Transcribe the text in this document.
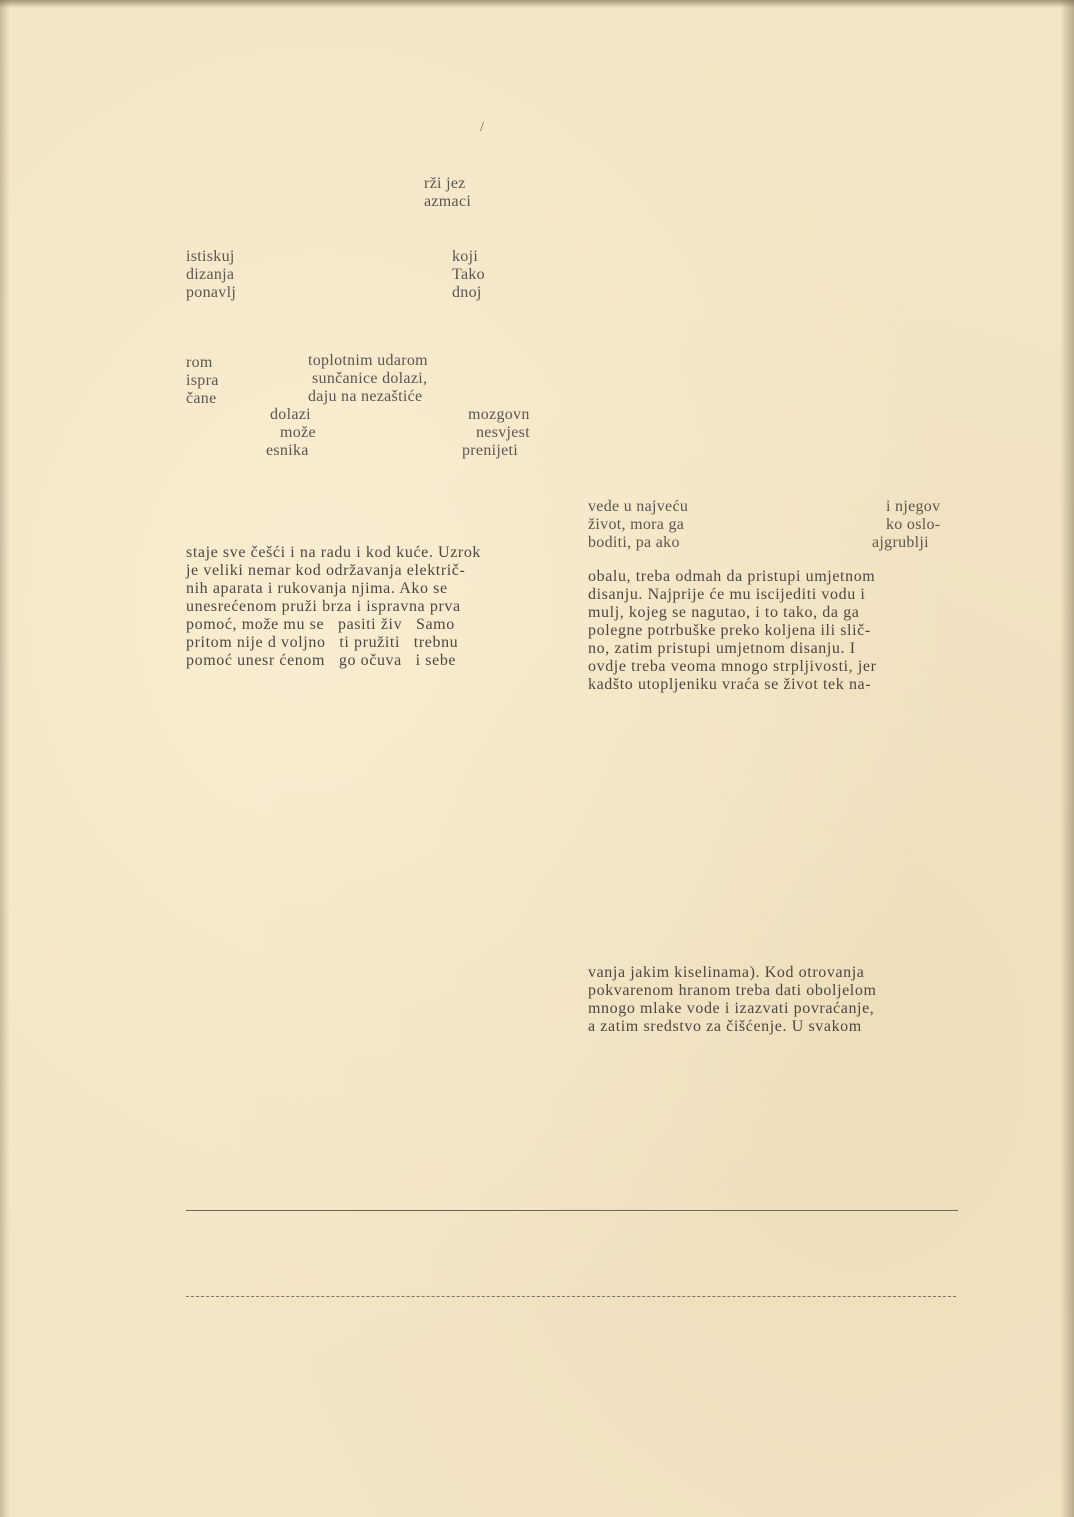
/

rži jez

azmaci

istiskuj

dizanja

ponavlj

koji

Tako

dnoj

rom

ispra

čane

toplotnim udarom

sunčanice dolazi,

daju na nezaštiće

dolazi

može

esnika

mozgovn

nesvjest

prenijeti

vede u najveću

život, mora ga

boditi, pa ako

i njegov

ko oslo-

ajgrublji

staje sve češći i na radu i kod kuće. Uzrok
je veliki nemar kod održavanja električ-
nih aparata i rukovanja njima. Ako se
unesrećenom pruži brza i ispravna prva
pomoć, može mu se   pasiti živ   Samo
pritom nije d voljno   ti pružiti   trebnu
pomoć unesr ćenom   go očuva   i sebe
obalu, treba odmah da pristupi umjetnom
disanju. Najprije će mu iscijediti vodu i
mulj, kojeg se nagutao, i to tako, da ga
polegne potrbuške preko koljena ili slič-
no, zatim pristupi umjetnom disanju. I
ovdje treba veoma mnogo strpljivosti, jer
kadšto utopljeniku vraća se život tek na-
vanja jakim kiselinama). Kod otrovanja
pokvarenom hranom treba dati oboljelom
mnogo mlake vode i izazvati povraćanje,
a zatim sredstvo za čišćenje. U svakom
